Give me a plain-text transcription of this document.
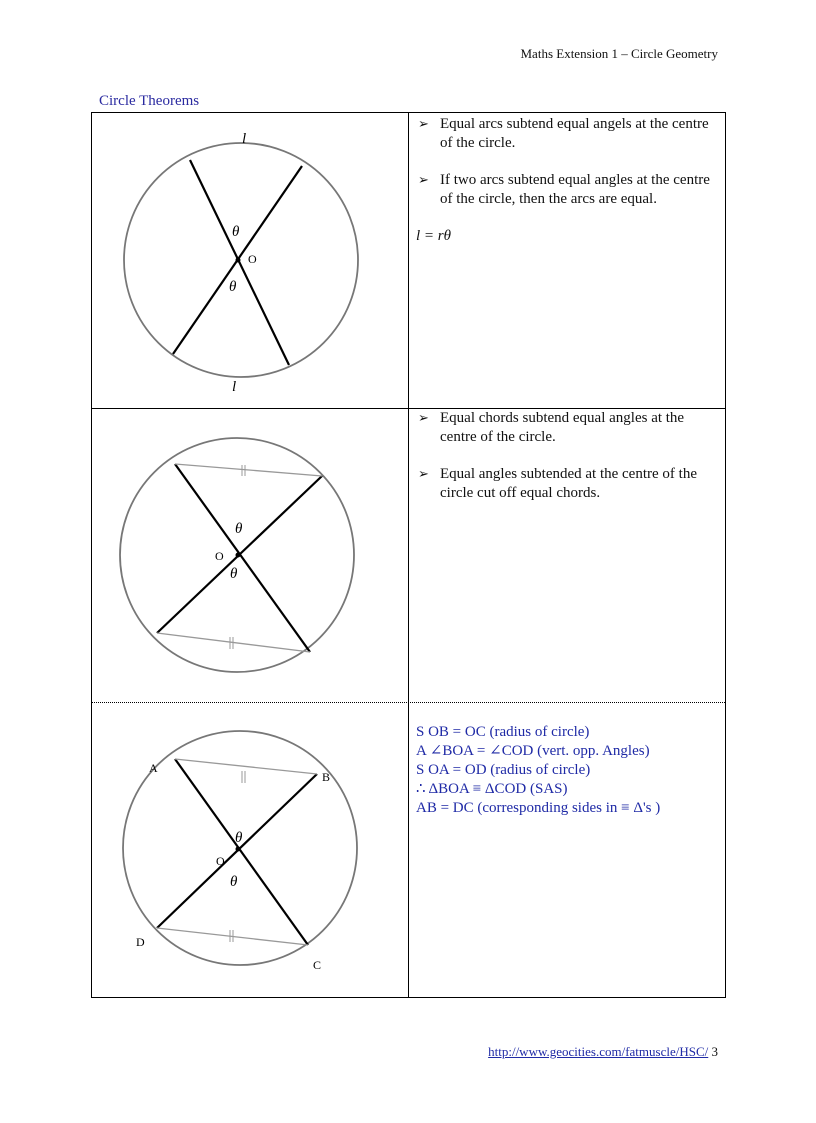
Maths Extension 1 – Circle Geometry
Circle Theorems
l
l
θ
θ
O
➢ Equal arcs subtend equal angels at the centre of the circle.
➢ If two arcs subtend equal angles at the centre of the circle, then the arcs are equal.
l = rθ
O
θ
θ
➢ Equal chords subtend equal angles at the centre of the circle.
➢ Equal angles subtended at the centre of the circle cut off equal chords.
A
B
C
D
O
θ
θ
S OB = OC (radius of circle)
A ∠BOA = ∠COD (vert. opp. Angles)
S OA = OD (radius of circle)
∴ ΔBOA ≡ ΔCOD (SAS)
AB = DC (corresponding sides in ≡ Δ's )
http://www.geocities.com/fatmuscle/HSC/ 3
